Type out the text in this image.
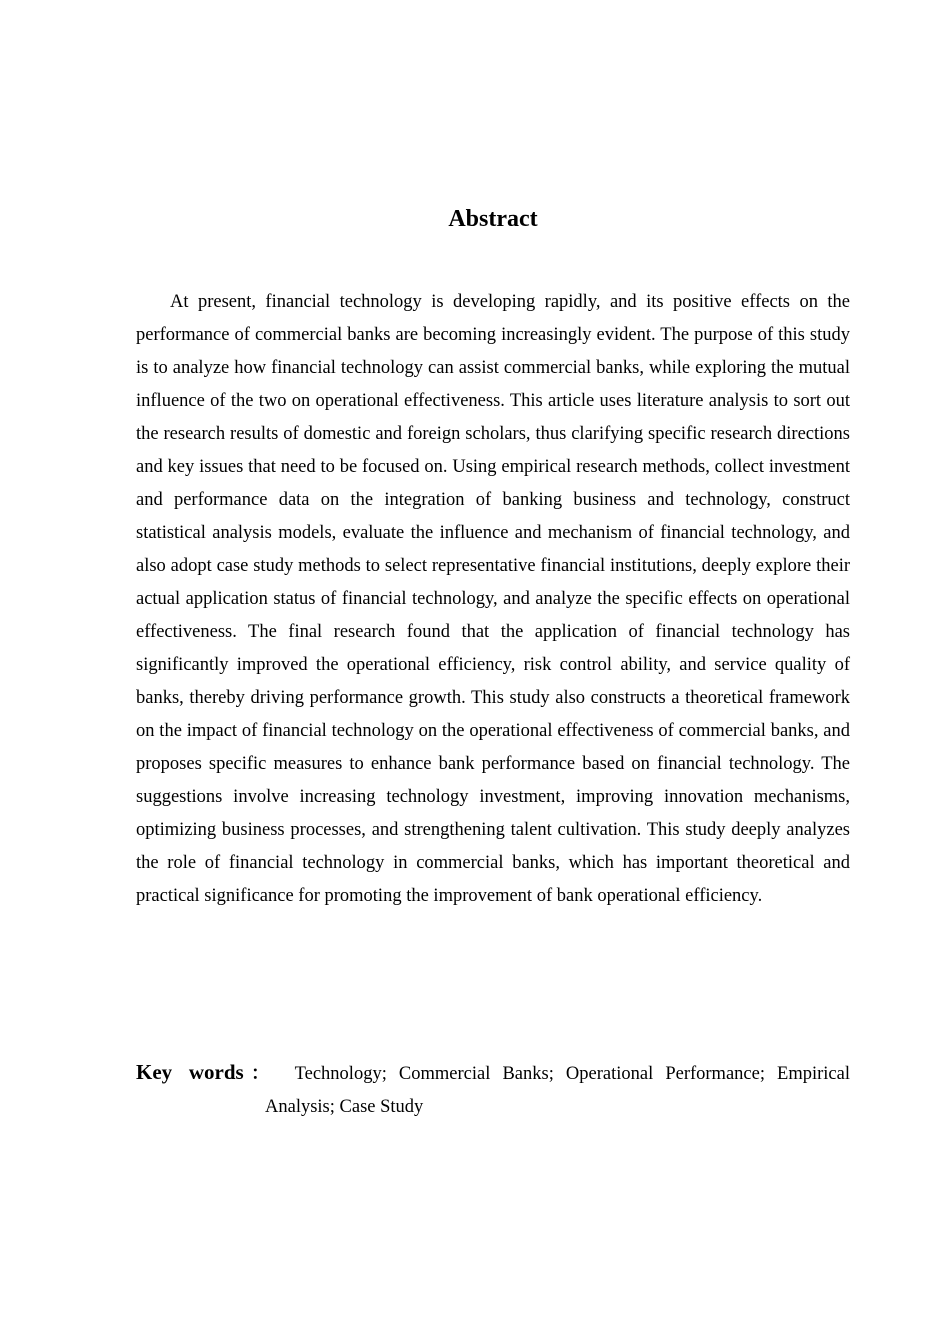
Abstract

At present, financial technology is developing rapidly, and its positive effects on the performance of commercial banks are becoming increasingly evident. The purpose of this study is to analyze how financial technology can assist commercial banks, while exploring the mutual influence of the two on operational effectiveness. This article uses literature analysis to sort out the research results of domestic and foreign scholars, thus clarifying specific research directions and key issues that need to be focused on. Using empirical research methods, collect investment and performance data on the integration of banking business and technology, construct statistical analysis models, evaluate the influence and mechanism of financial technology, and also adopt case study methods to select representative financial institutions, deeply explore their actual application status of financial technology, and analyze the specific effects on operational effectiveness. The final research found that the application of financial technology has significantly improved the operational efficiency, risk control ability, and service quality of banks, thereby driving performance growth. This study also constructs a theoretical framework on the impact of financial technology on the operational effectiveness of commercial banks, and proposes specific measures to enhance bank performance based on financial technology. The suggestions involve increasing technology investment, improving innovation mechanisms, optimizing business processes, and strengthening talent cultivation. This study deeply analyzes the role of financial technology in commercial banks, which has important theoretical and practical significance for promoting the improvement of bank operational efficiency.

Key words： Technology; Commercial Banks; Operational Performance; Empirical Analysis; Case Study
